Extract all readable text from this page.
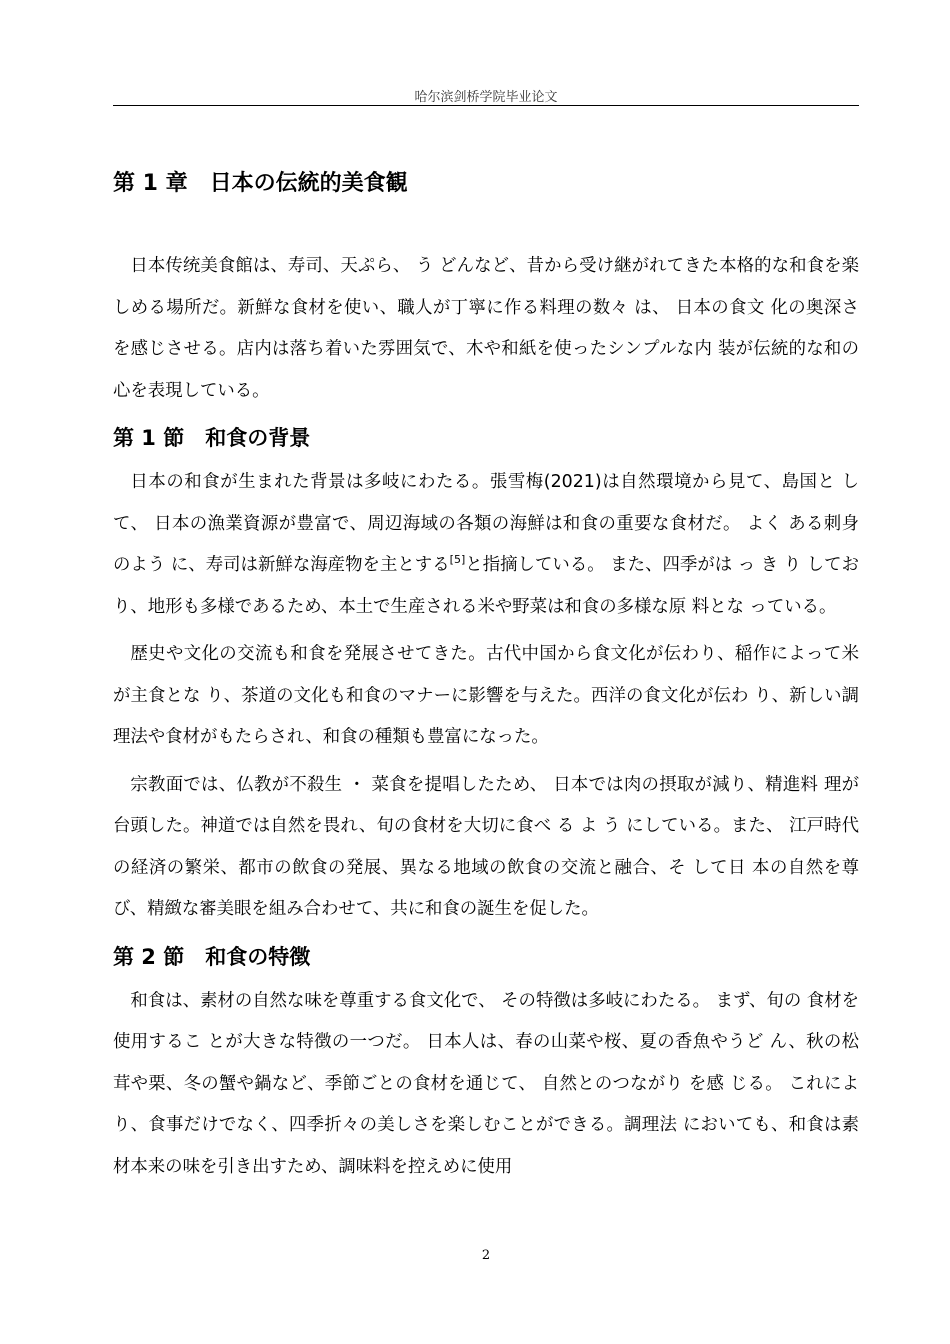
哈尔滨剑桥学院毕业论文
第 1 章　日本の伝統的美食観

日本传统美食館は、寿司、天ぷら、 う どんなど、昔から受け継がれてきた本格的な和食を楽しめる場所だ。新鮮な食材を使い、職人が丁寧に作る料理の数々 は、 日本の食文 化の奥深さを感じさせる。店内は落ち着いた雰囲気で、木や和紙を使ったシンプルな内 装が伝統的な和の心を表現している。

第 1 節　和食の背景

日本の和食が生まれた背景は多岐にわたる。張雪梅(2021)は自然環境から見て、島国と して、 日本の漁業資源が豊富で、周辺海域の各類の海鮮は和食の重要な食材だ。 よく ある刺身のよう に、寿司は新鮮な海産物を主とする[5]と指摘している。 また、四季がは っ き り しており、地形も多様であるため、本土で生産される米や野菜は和食の多様な原 料とな っている。

歴史や文化の交流も和食を発展させてきた。古代中国から食文化が伝わり、稲作によって米が主食とな り、茶道の文化も和食のマナーに影響を与えた。西洋の食文化が伝わ り、新しい調理法や食材がもたらされ、和食の種類も豊富になった。

宗教面では、仏教が不殺生 ・ 菜食を提唱したため、 日本では肉の摂取が減り、精進料 理が台頭した。神道では自然を畏れ、旬の食材を大切に食べ る よ う にしている。また、 江戸時代の経済の繁栄、都市の飲食の発展、異なる地域の飲食の交流と融合、そ して日 本の自然を尊び、精緻な審美眼を組み合わせて、共に和食の誕生を促した。

第 2 節　和食の特徴

和食は、素材の自然な味を尊重する食文化で、 その特徴は多岐にわたる。 まず、旬の 食材を使用するこ とが大きな特徴の一つだ。 日本人は、春の山菜や桜、夏の香魚やうど ん、秋の松茸や栗、冬の蟹や鍋など、季節ごとの食材を通じて、 自然とのつながり を感 じる。 これにより、食事だけでなく、四季折々の美しさを楽しむことができる。調理法 においても、和食は素材本来の味を引き出すため、調味料を控えめに使用

2
